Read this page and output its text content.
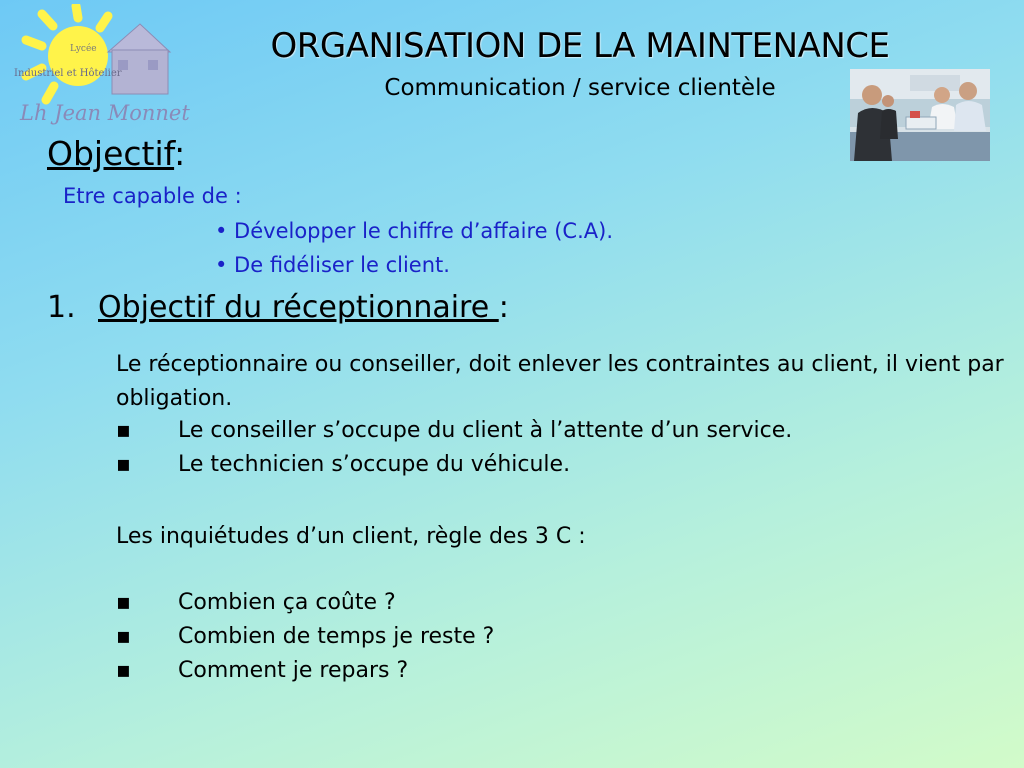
Lycée
Industriel et Hôtelier
Lh Jean Monnet
ORGANISATION DE LA MAINTENANCE
Communication / service clientèle
Objectif:
Etre capable de :
• Développer le chiffre d’affaire (C.A).
• De fidéliser le client.
1. Objectif du réceptionnaire :
Le réceptionnaire ou conseiller, doit enlever les contraintes au client, il vient par obligation.
▪ Le conseiller s’occupe du client à l’attente d’un service.
▪ Le technicien s’occupe du véhicule.
Les inquiétudes d’un client, règle des 3 C :
▪ Combien ça coûte ?
▪ Combien de temps je reste ?
▪ Comment je repars ?
